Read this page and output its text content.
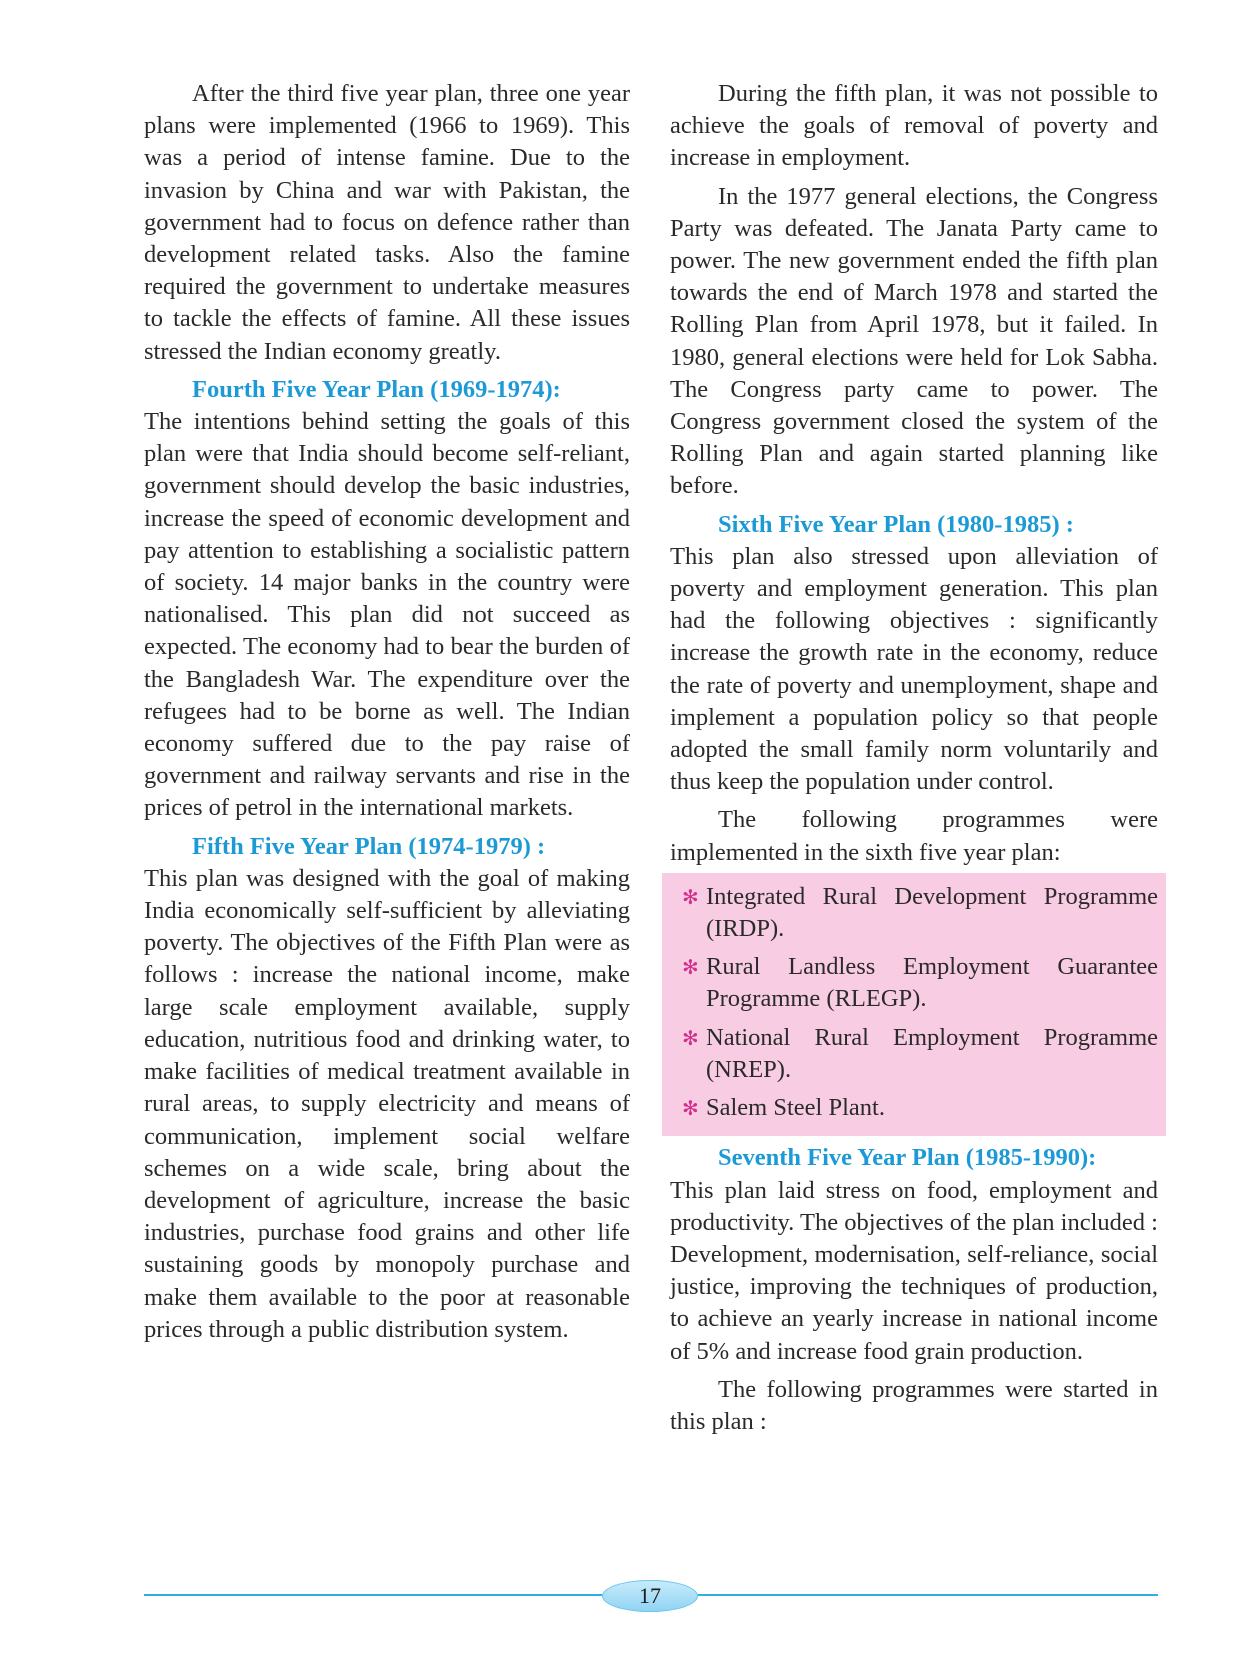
After the third five year plan, three one year plans were implemented (1966 to 1969). This was a period of intense famine. Due to the invasion by China and war with Pakistan, the government had to focus on defence rather than development related tasks. Also the famine required the government to undertake measures to tackle the effects of famine. All these issues stressed the Indian economy greatly.

Fourth Five Year Plan (1969-1974):
The intentions behind setting the goals of this plan were that India should become self-reliant, government should develop the basic industries, increase the speed of economic development and pay attention to establishing a socialistic pattern of society. 14 major banks in the country were nationalised. This plan did not succeed as expected. The economy had to bear the burden of the Bangladesh War. The expenditure over the refugees had to be borne as well. The Indian economy suffered due to the pay raise of government and railway servants and rise in the prices of petrol in the international markets.

Fifth Five Year Plan (1974-1979) :
This plan was designed with the goal of making India economically self-sufficient by alleviating poverty. The objectives of the Fifth Plan were as follows : increase the national income, make large scale employment available, supply education, nutritious food and drinking water, to make facilities of medical treatment available in rural areas, to supply electricity and means of communication, implement social welfare schemes on a wide scale, bring about the development of agriculture, increase the basic industries, purchase food grains and other life sustaining goods by monopoly purchase and make them available to the poor at reasonable prices through a public distribution system.

During the fifth plan, it was not possible to achieve the goals of removal of poverty and increase in employment.

In the 1977 general elections, the Congress Party was defeated. The Janata Party came to power. The new government ended the fifth plan towards the end of March 1978 and started the Rolling Plan from April 1978, but it failed. In 1980, general elections were held for Lok Sabha. The Congress party came to power. The Congress government closed the system of the Rolling Plan and again started planning like before.

Sixth Five Year Plan (1980-1985) :
This plan also stressed upon alleviation of poverty and employment generation. This plan had the following objectives : significantly increase the growth rate in the economy, reduce the rate of poverty and unemployment, shape and implement a population policy so that people adopted the small family norm voluntarily and thus keep the population under control.

The following programmes were implemented in the sixth five year plan:

✻ Integrated Rural Development Programme (IRDP).
✻ Rural Landless Employment Guarantee Programme (RLEGP).
✻ National Rural Employment Programme (NREP).
✻ Salem Steel Plant.

Seventh Five Year Plan (1985-1990):
This plan laid stress on food, employment and productivity. The objectives of the plan included : Development, modernisation, self-reliance, social justice, improving the techniques of production, to achieve an yearly increase in national income of 5% and increase food grain production.

The following programmes were started in this plan :

17
